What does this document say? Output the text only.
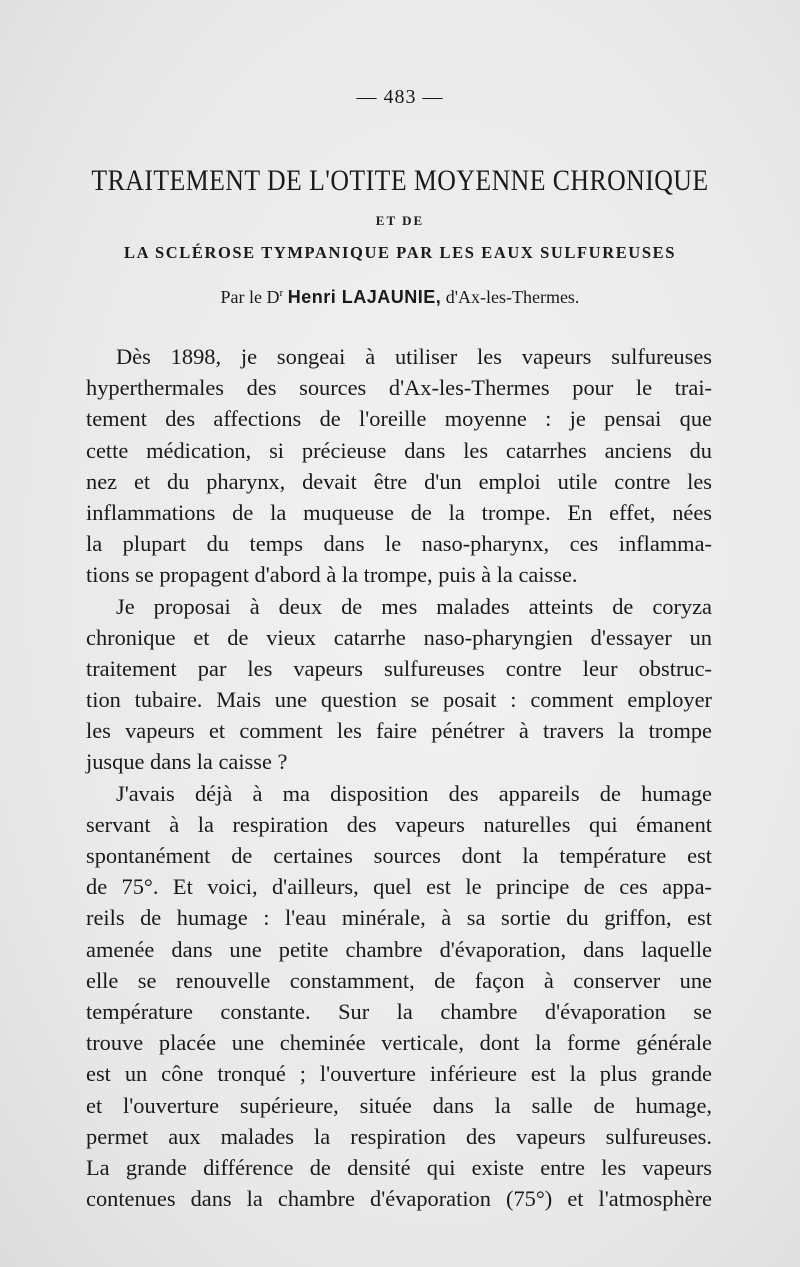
— 483 —
TRAITEMENT DE L'OTITE MOYENNE CHRONIQUE
ET DE
LA SCLÉROSE TYMPANIQUE PAR LES EAUX SULFUREUSES
Par le $D^r$ Henri LAJAUNIE, d'Ax-les-Thermes.
Dès 1898, je songeai à utiliser les vapeurs sulfureuses
hyperthermales des sources d'Ax-les-Thermes pour le trai-
tement des affections de l'oreille moyenne : je pensai que
cette médication, si précieuse dans les catarrhes anciens du
nez et du pharynx, devait être d'un emploi utile contre les
inflammations de la muqueuse de la trompe. En effet, nées
la plupart du temps dans le naso-pharynx, ces inflamma-
tions se propagent d'abord à la trompe, puis à la caisse.
Je proposai à deux de mes malades atteints de coryza
chronique et de vieux catarrhe naso-pharyngien d'essayer un
traitement par les vapeurs sulfureuses contre leur obstruc-
tion tubaire. Mais une question se posait : comment employer
les vapeurs et comment les faire pénétrer à travers la trompe
jusque dans la caisse ?
J'avais déjà à ma disposition des appareils de humage
servant à la respiration des vapeurs naturelles qui émanent
spontanément de certaines sources dont la température est
de 75°. Et voici, d'ailleurs, quel est le principe de ces appa-
reils de humage : l'eau minérale, à sa sortie du griffon, est
amenée dans une petite chambre d'évaporation, dans laquelle
elle se renouvelle constamment, de façon à conserver une
température constante. Sur la chambre d'évaporation se
trouve placée une cheminée verticale, dont la forme générale
est un cône tronqué ; l'ouverture inférieure est la plus grande
et l'ouverture supérieure, située dans la salle de humage,
permet aux malades la respiration des vapeurs sulfureuses.
La grande différence de densité qui existe entre les vapeurs
contenues dans la chambre d'évaporation (75°) et l'atmosphère
